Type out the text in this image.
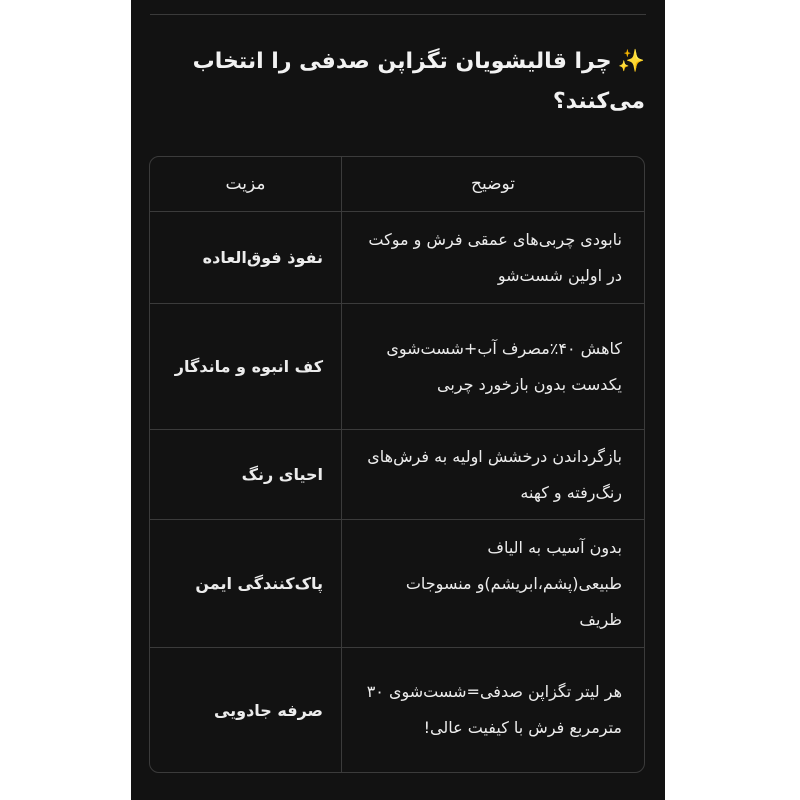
✨چرا قالیشویان تگزاپن صدفی را انتخاب می‌کنند؟
توضیح	مزیت
نابودی چربی‌های عمقی فرش و موکت در اولین شست‌شو	نفوذ فوق‌العاده
کاهش ۴۰٪مصرف آب+شست‌شوی یکدست بدون بازخورد چربی	کف انبوه و ماندگار
بازگرداندن درخشش اولیه به فرش‌های رنگ‌رفته و کهنه	احیای رنگ
بدون آسیب به الیاف طبیعی(پشم،ابریشم)و منسوجات ظریف	پاک‌کنندگی ایمن
هر لیتر تگزاپن صدفی=شست‌شوی ۳۰ مترمربع فرش با کیفیت عالی!	صرفه جادویی
